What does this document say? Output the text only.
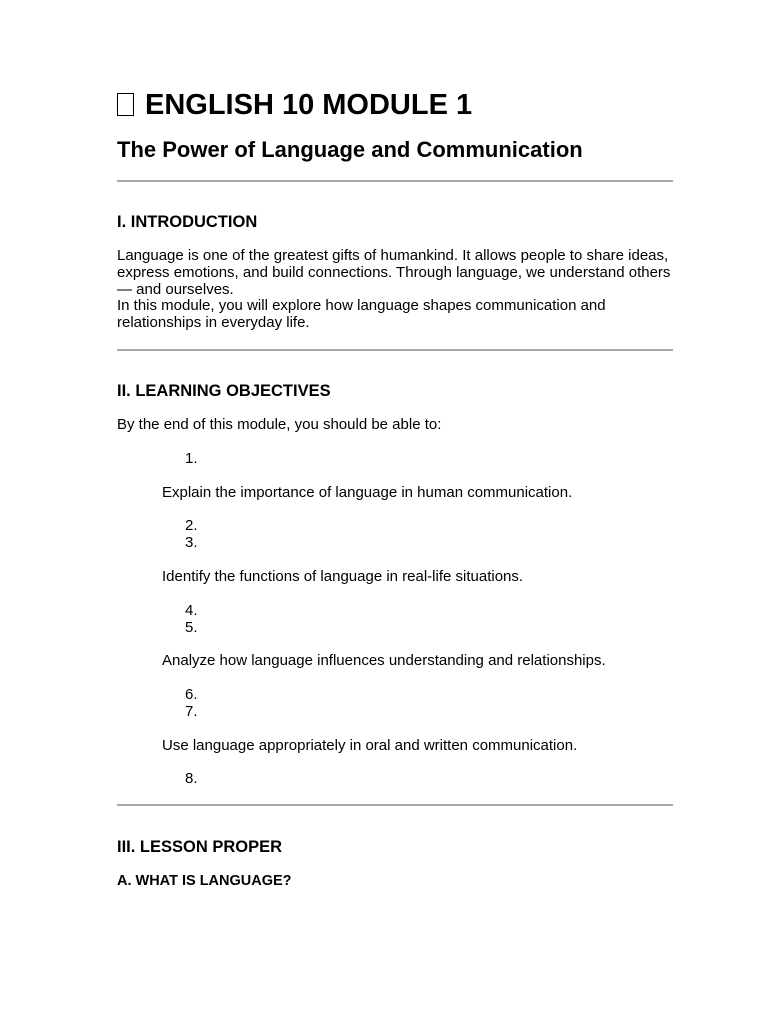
ENGLISH 10 MODULE 1
The Power of Language and Communication
I. INTRODUCTION

Language is one of the greatest gifts of humankind. It allows people to share ideas, express emotions, and build connections. Through language, we understand others — and ourselves.
In this module, you will explore how language shapes communication and relationships in everyday life.

II. LEARNING OBJECTIVES

By the end of this module, you should be able to:

1.

Explain the importance of language in human communication.

2.
3.

Identify the functions of language in real-life situations.

4.
5.

Analyze how language influences understanding and relationships.

6.
7.

Use language appropriately in oral and written communication.

8.
III. LESSON PROPER
A. WHAT IS LANGUAGE?
